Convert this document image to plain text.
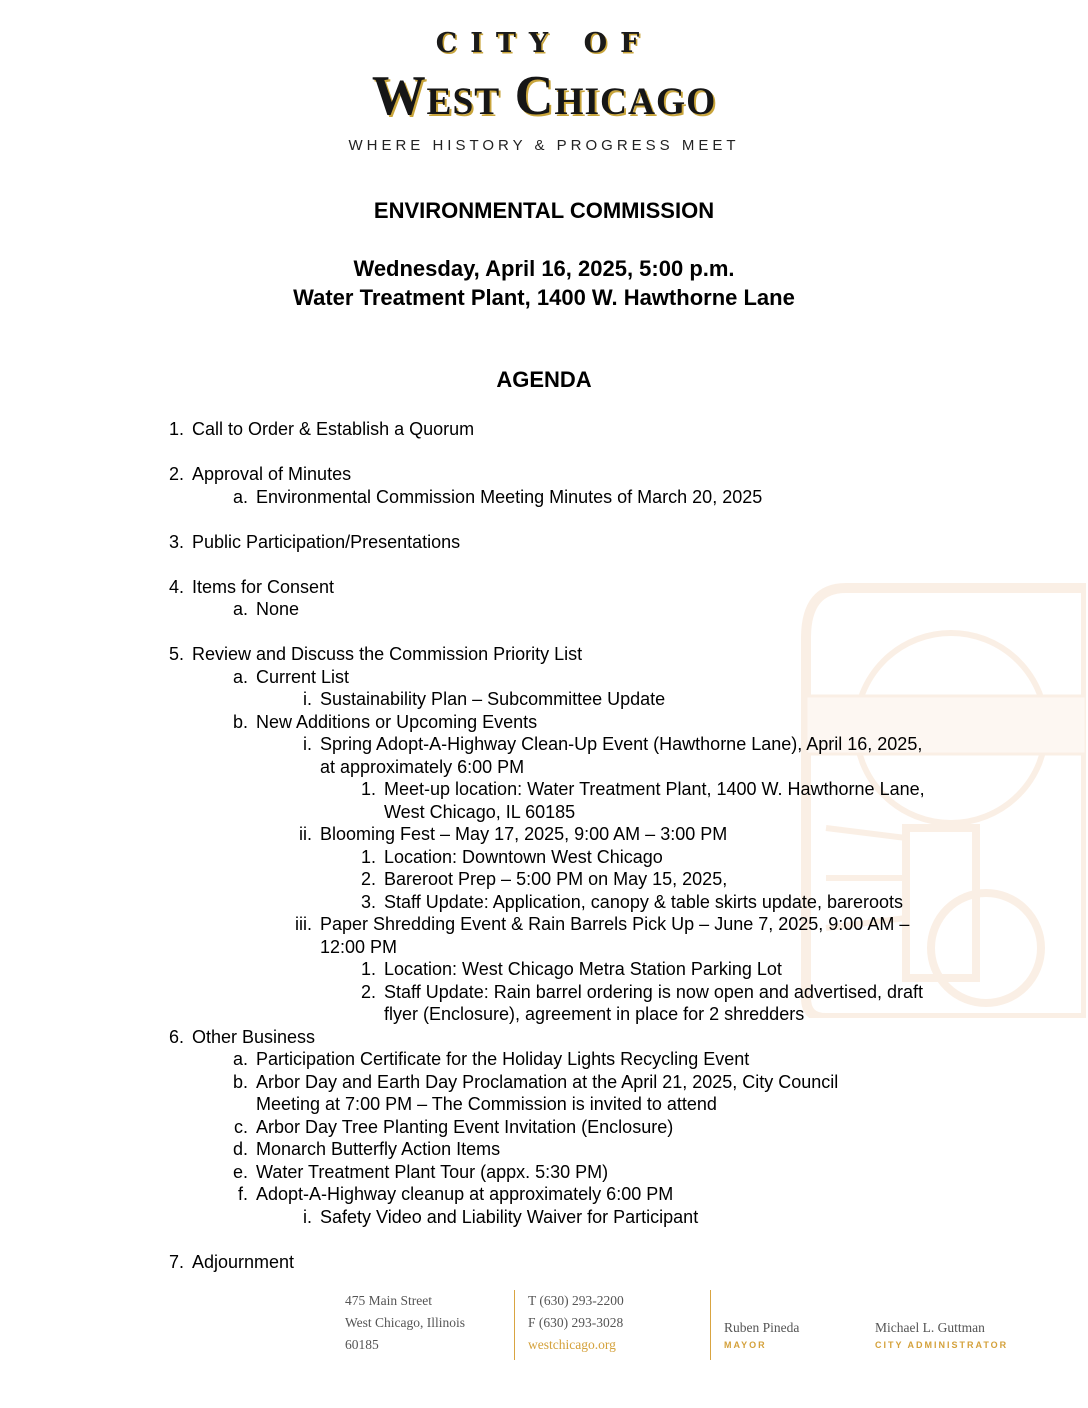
CITY OF
West Chicago
WHERE HISTORY & PROGRESS MEET
ENVIRONMENTAL COMMISSION
Wednesday, April 16, 2025, 5:00 p.m.
Water Treatment Plant, 1400 W. Hawthorne Lane
AGENDA
1. Call to Order & Establish a Quorum
2. Approval of Minutes
a. Environmental Commission Meeting Minutes of March 20, 2025
3. Public Participation/Presentations
4. Items for Consent
a. None
5. Review and Discuss the Commission Priority List
a. Current List
i. Sustainability Plan – Subcommittee Update
b. New Additions or Upcoming Events
i. Spring Adopt-A-Highway Clean-Up Event (Hawthorne Lane), April 16, 2025, at approximately 6:00 PM
1. Meet-up location: Water Treatment Plant, 1400 W. Hawthorne Lane, West Chicago, IL 60185
ii. Blooming Fest – May 17, 2025, 9:00 AM – 3:00 PM
1. Location: Downtown West Chicago
2. Bareroot Prep – 5:00 PM on May 15, 2025,
3. Staff Update: Application, canopy & table skirts update, bareroots
iii. Paper Shredding Event & Rain Barrels Pick Up – June 7, 2025, 9:00 AM – 12:00 PM
1. Location: West Chicago Metra Station Parking Lot
2. Staff Update: Rain barrel ordering is now open and advertised, draft flyer (Enclosure), agreement in place for 2 shredders
6. Other Business
a. Participation Certificate for the Holiday Lights Recycling Event
b. Arbor Day and Earth Day Proclamation at the April 21, 2025, City Council Meeting at 7:00 PM – The Commission is invited to attend
c. Arbor Day Tree Planting Event Invitation (Enclosure)
d. Monarch Butterfly Action Items
e. Water Treatment Plant Tour (appx. 5:30 PM)
f. Adopt-A-Highway cleanup at approximately 6:00 PM
i. Safety Video and Liability Waiver for Participant
7. Adjournment
475 Main Street
West Chicago, Illinois
60185
T (630) 293-2200
F (630) 293-3028
westchicago.org
Ruben Pineda
MAYOR
Michael L. Guttman
CITY ADMINISTRATOR
